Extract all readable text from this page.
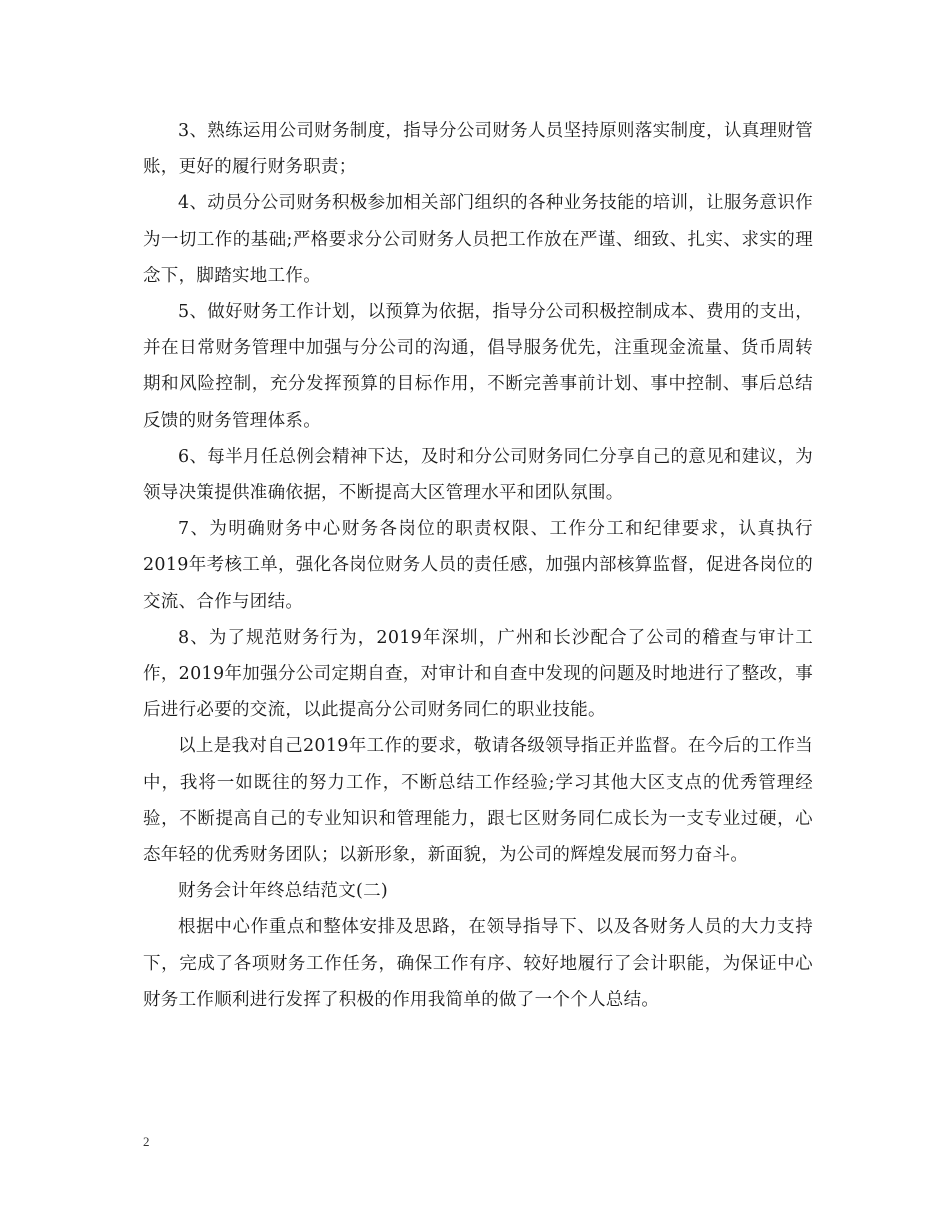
3、熟练运用公司财务制度，指导分公司财务人员坚持原则落实制度，认真理财管账，更好的履行财务职责；

4、动员分公司财务积极参加相关部门组织的各种业务技能的培训，让服务意识作为一切工作的基础;严格要求分公司财务人员把工作放在严谨、细致、扎实、求实的理念下，脚踏实地工作。

5、做好财务工作计划，以预算为依据，指导分公司积极控制成本、费用的支出，并在日常财务管理中加强与分公司的沟通，倡导服务优先，注重现金流量、货币周转期和风险控制，充分发挥预算的目标作用，不断完善事前计划、事中控制、事后总结反馈的财务管理体系。

6、每半月任总例会精神下达，及时和分公司财务同仁分享自己的意见和建议，为领导决策提供准确依据，不断提高大区管理水平和团队氛围。

7、为明确财务中心财务各岗位的职责权限、工作分工和纪律要求，认真执行2019年考核工单，强化各岗位财务人员的责任感，加强内部核算监督，促进各岗位的交流、合作与团结。

8、为了规范财务行为，2019年深圳，广州和长沙配合了公司的稽查与审计工作，2019年加强分公司定期自查，对审计和自查中发现的问题及时地进行了整改，事后进行必要的交流，以此提高分公司财务同仁的职业技能。

以上是我对自己2019年工作的要求，敬请各级领导指正并监督。在今后的工作当中，我将一如既往的努力工作，不断总结工作经验;学习其他大区支点的优秀管理经验，不断提高自己的专业知识和管理能力，跟七区财务同仁成长为一支专业过硬，心态年轻的优秀财务团队；以新形象，新面貌，为公司的辉煌发展而努力奋斗。

财务会计年终总结范文(二)

根据中心作重点和整体安排及思路，在领导指导下、以及各财务人员的大力支持下，完成了各项财务工作任务，确保工作有序、较好地履行了会计职能，为保证中心财务工作顺利进行发挥了积极的作用我简单的做了一个个人总结。

2
